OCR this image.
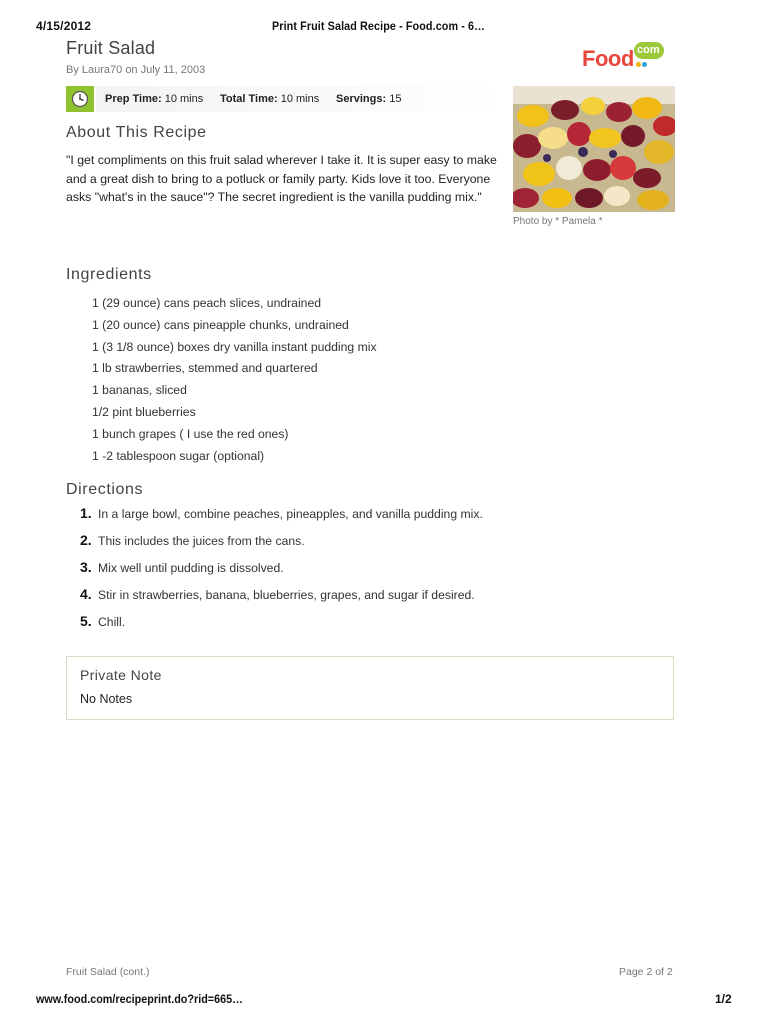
4/15/2012	Print Fruit Salad Recipe - Food.com - 6…
Fruit Salad
By Laura70 on July 11, 2003	Food com
Prep Time: 10 mins Total Time: 10 mins Servings: 15
Photo by * Pamela *
About This Recipe
"I get compliments on this fruit salad wherever I take it. It is super easy to make and a great dish to bring to a potluck or family party. Kids love it too. Everyone asks "what's in the sauce"? The secret ingredient is the vanilla pudding mix."
Ingredients
1 (29 ounce) cans peach slices, undrained
1 (20 ounce) cans pineapple chunks, undrained
1 (3 1/8 ounce) boxes dry vanilla instant pudding mix
1 lb strawberries, stemmed and quartered
1 bananas, sliced
1/2 pint blueberries
1 bunch grapes ( I use the red ones)
1 -2 tablespoon sugar (optional)
Directions
1. In a large bowl, combine peaches, pineapples, and vanilla pudding mix.
2. This includes the juices from the cans.
3. Mix well until pudding is dissolved.
4. Stir in strawberries, banana, blueberries, grapes, and sugar if desired.
5. Chill.
Private Note
No Notes
Fruit Salad (cont.)	Page 2 of 2
www.food.com/recipeprint.do?rid=665…	1/2
